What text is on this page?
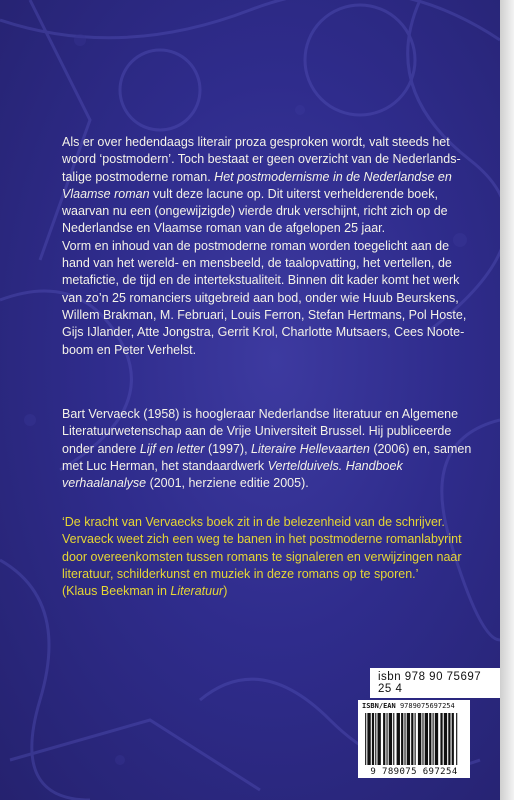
Als er over hedendaags literair proza gesproken wordt, valt steeds het woord ‘postmodern’. Toch bestaat er geen overzicht van de Nederlands-talige postmoderne roman. Het postmodernisme in de Nederlandse en Vlaamse roman vult deze lacune op. Dit uiterst verhelderende boek, waarvan nu een (ongewijzigde) vierde druk verschijnt, richt zich op de Nederlandse en Vlaamse roman van de afgelopen 25 jaar.

Vorm en inhoud van de postmoderne roman worden toegelicht aan de hand van het wereld- en mensbeeld, de taalopvatting, het vertellen, de metafictie, de tijd en de intertekstualiteit. Binnen dit kader komt het werk van zo’n 25 romanciers uitgebreid aan bod, onder wie Huub Beurskens, Willem Brakman, M. Februari, Louis Ferron, Stefan Hertmans, Pol Hoste, Gijs IJlander, Atte Jongstra, Gerrit Krol, Charlotte Mutsaers, Cees Noote-boom en Peter Verhelst.

Bart Vervaeck (1958) is hoogleraar Nederlandse literatuur en Algemene Literatuurwetenschap aan de Vrije Universiteit Brussel. Hij publiceerde onder andere Lijf en letter (1997), Literaire Hellevaarten (2006) en, samen met Luc Herman, het standaardwerk Vertelduivels. Handboek verhaalanalyse (2001, herziene editie 2005).

‘De kracht van Vervaecks boek zit in de belezenheid van de schrijver. Vervaeck weet zich een weg te banen in het postmoderne romanlabyrint door overeenkomsten tussen romans te signaleren en verwijzingen naar literatuur, schilderkunst en muziek in deze romans op te sporen.’

(Klaus Beekman in Literatuur)

isbn 978 90 75697 25 4
ISBN/EAN 9789075697254
9 789075 697254
